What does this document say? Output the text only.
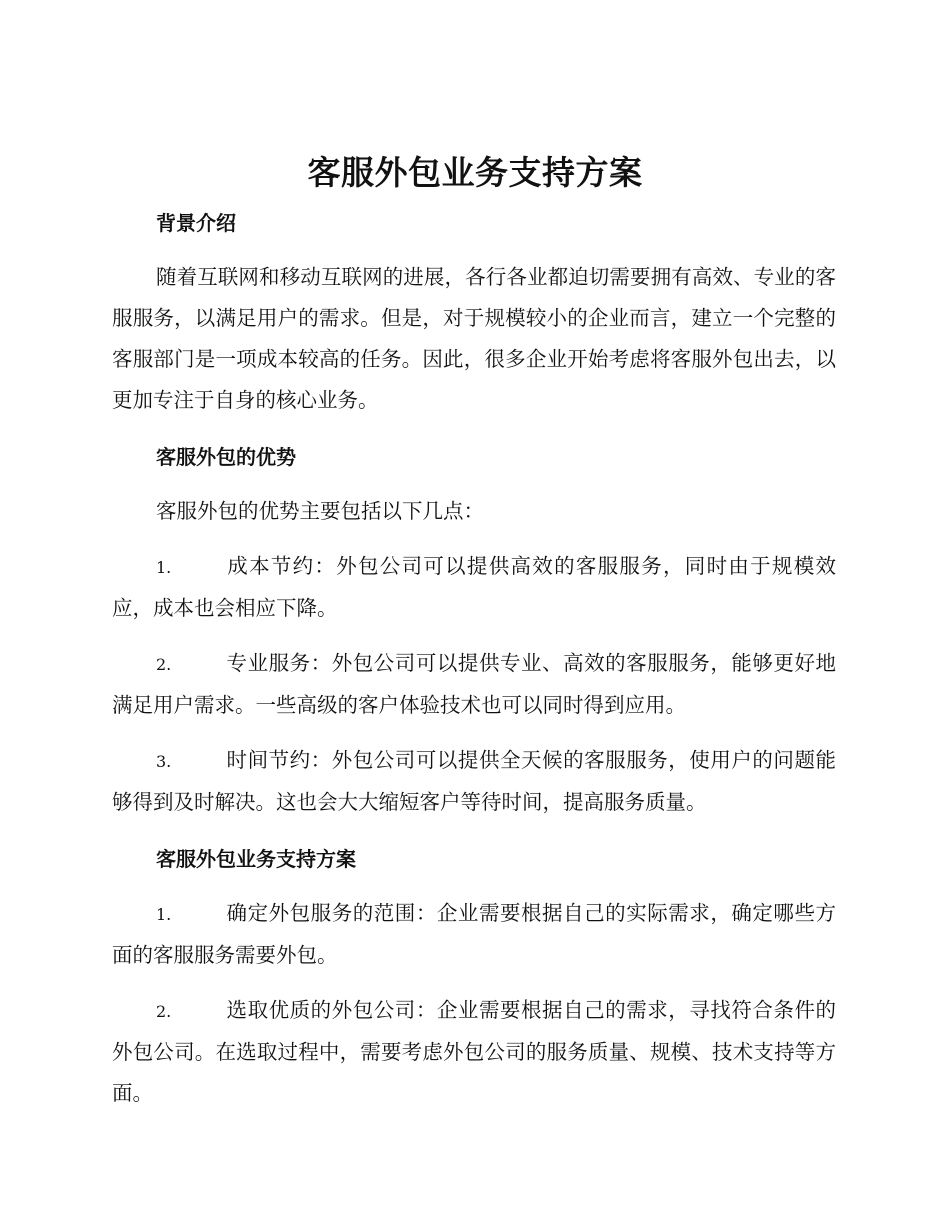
客服外包业务支持方案
背景介绍
随着互联网和移动互联网的进展，各行各业都迫切需要拥有高效、专业的客服服务，以满足用户的需求。但是，对于规模较小的企业而言，建立一个完整的客服部门是一项成本较高的任务。因此，很多企业开始考虑将客服外包出去，以更加专注于自身的核心业务。
客服外包的优势
客服外包的优势主要包括以下几点：
1.	成本节约：外包公司可以提供高效的客服服务，同时由于规模效应，成本也会相应下降。
2.	专业服务：外包公司可以提供专业、高效的客服服务，能够更好地满足用户需求。一些高级的客户体验技术也可以同时得到应用。
3.	时间节约：外包公司可以提供全天候的客服服务，使用户的问题能够得到及时解决。这也会大大缩短客户等待时间，提高服务质量。
客服外包业务支持方案
1.	确定外包服务的范围：企业需要根据自己的实际需求，确定哪些方面的客服服务需要外包。
2.	选取优质的外包公司：企业需要根据自己的需求，寻找符合条件的外包公司。在选取过程中，需要考虑外包公司的服务质量、规模、技术支持等方面。
